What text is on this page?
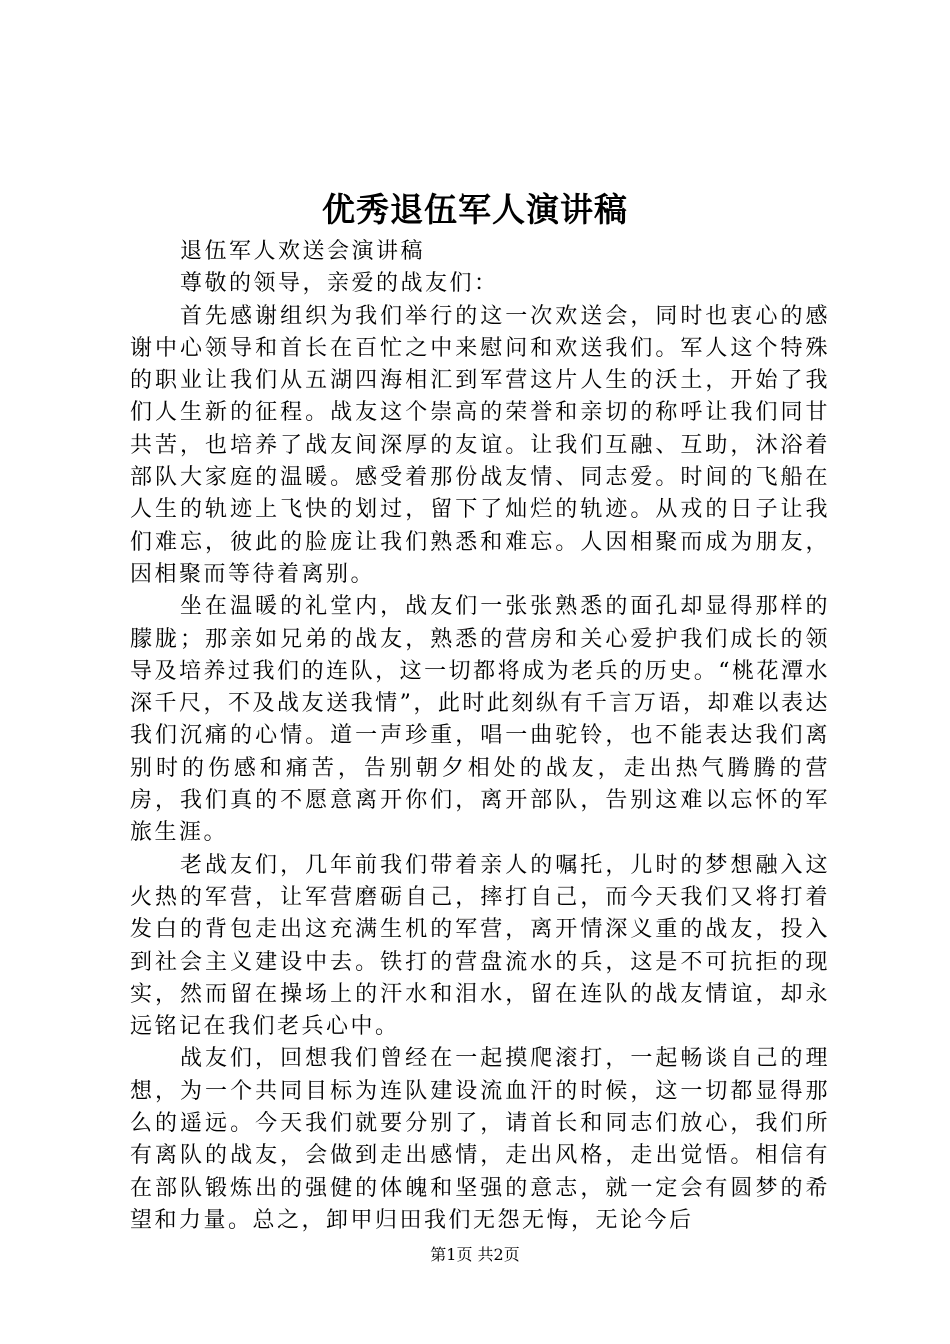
优秀退伍军人演讲稿

退伍军人欢送会演讲稿

尊敬的领导，亲爱的战友们：

首先感谢组织为我们举行的这一次欢送会，同时也衷心的感谢中心领导和首长在百忙之中来慰问和欢送我们。军人这个特殊的职业让我们从五湖四海相汇到军营这片人生的沃土，开始了我们人生新的征程。战友这个崇高的荣誉和亲切的称呼让我们同甘共苦，也培养了战友间深厚的友谊。让我们互融、互助，沐浴着部队大家庭的温暖。感受着那份战友情、同志爱。时间的飞船在人生的轨迹上飞快的划过，留下了灿烂的轨迹。从戎的日子让我们难忘，彼此的脸庞让我们熟悉和难忘。人因相聚而成为朋友，因相聚而等待着离别。

坐在温暖的礼堂内，战友们一张张熟悉的面孔却显得那样的朦胧；那亲如兄弟的战友，熟悉的营房和关心爱护我们成长的领导及培养过我们的连队，这一切都将成为老兵的历史。“桃花潭水深千尺，不及战友送我情”，此时此刻纵有千言万语，却难以表达我们沉痛的心情。道一声珍重，唱一曲驼铃，也不能表达我们离别时的伤感和痛苦，告别朝夕相处的战友，走出热气腾腾的营房，我们真的不愿意离开你们，离开部队，告别这难以忘怀的军旅生涯。

老战友们，几年前我们带着亲人的嘱托，儿时的梦想融入这火热的军营，让军营磨砺自己，摔打自己，而今天我们又将打着发白的背包走出这充满生机的军营，离开情深义重的战友，投入到社会主义建设中去。铁打的营盘流水的兵，这是不可抗拒的现实，然而留在操场上的汗水和泪水，留在连队的战友情谊，却永远铭记在我们老兵心中。

战友们，回想我们曾经在一起摸爬滚打，一起畅谈自己的理想，为一个共同目标为连队建设流血汗的时候，这一切都显得那么的遥远。今天我们就要分别了，请首长和同志们放心，我们所有离队的战友，会做到走出感情，走出风格，走出觉悟。相信有在部队锻炼出的强健的体魄和坚强的意志，就一定会有圆梦的希望和力量。总之，卸甲归田我们无怨无悔，无论今后

第1页 共2页
